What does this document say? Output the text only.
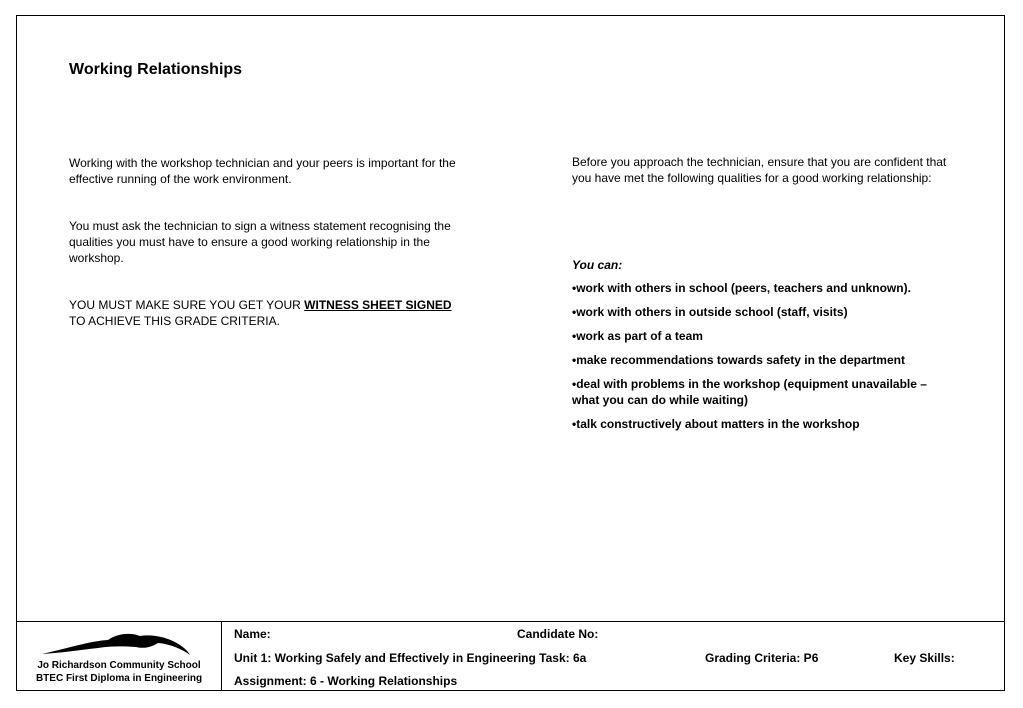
Working Relationships

Working with the workshop technician and your peers is important for the effective running of the work environment.

You must ask the technician to sign a witness statement recognising the qualities you must have to ensure a good working relationship in the workshop.

YOU MUST MAKE SURE YOU GET YOUR WITNESS SHEET SIGNED TO ACHIEVE THIS GRADE CRITERIA.

Before you approach the technician, ensure that you are confident that you have met the following qualities for a good working relationship:

You can:

•work with others in school (peers, teachers and unknown).
•work with others in outside school (staff, visits)
•work as part of a team
•make recommendations towards safety in the department
•deal with problems in the workshop (equipment unavailable – what you can do while waiting)
•talk constructively about matters in the workshop
Jo Richardson Community School
BTEC First Diploma in Engineering
Name:	Candidate No:
Unit 1: Working Safely and Effectively in Engineering Task: 6a	Grading Criteria: P6	Key Skills:
Assignment: 6 - Working Relationships
